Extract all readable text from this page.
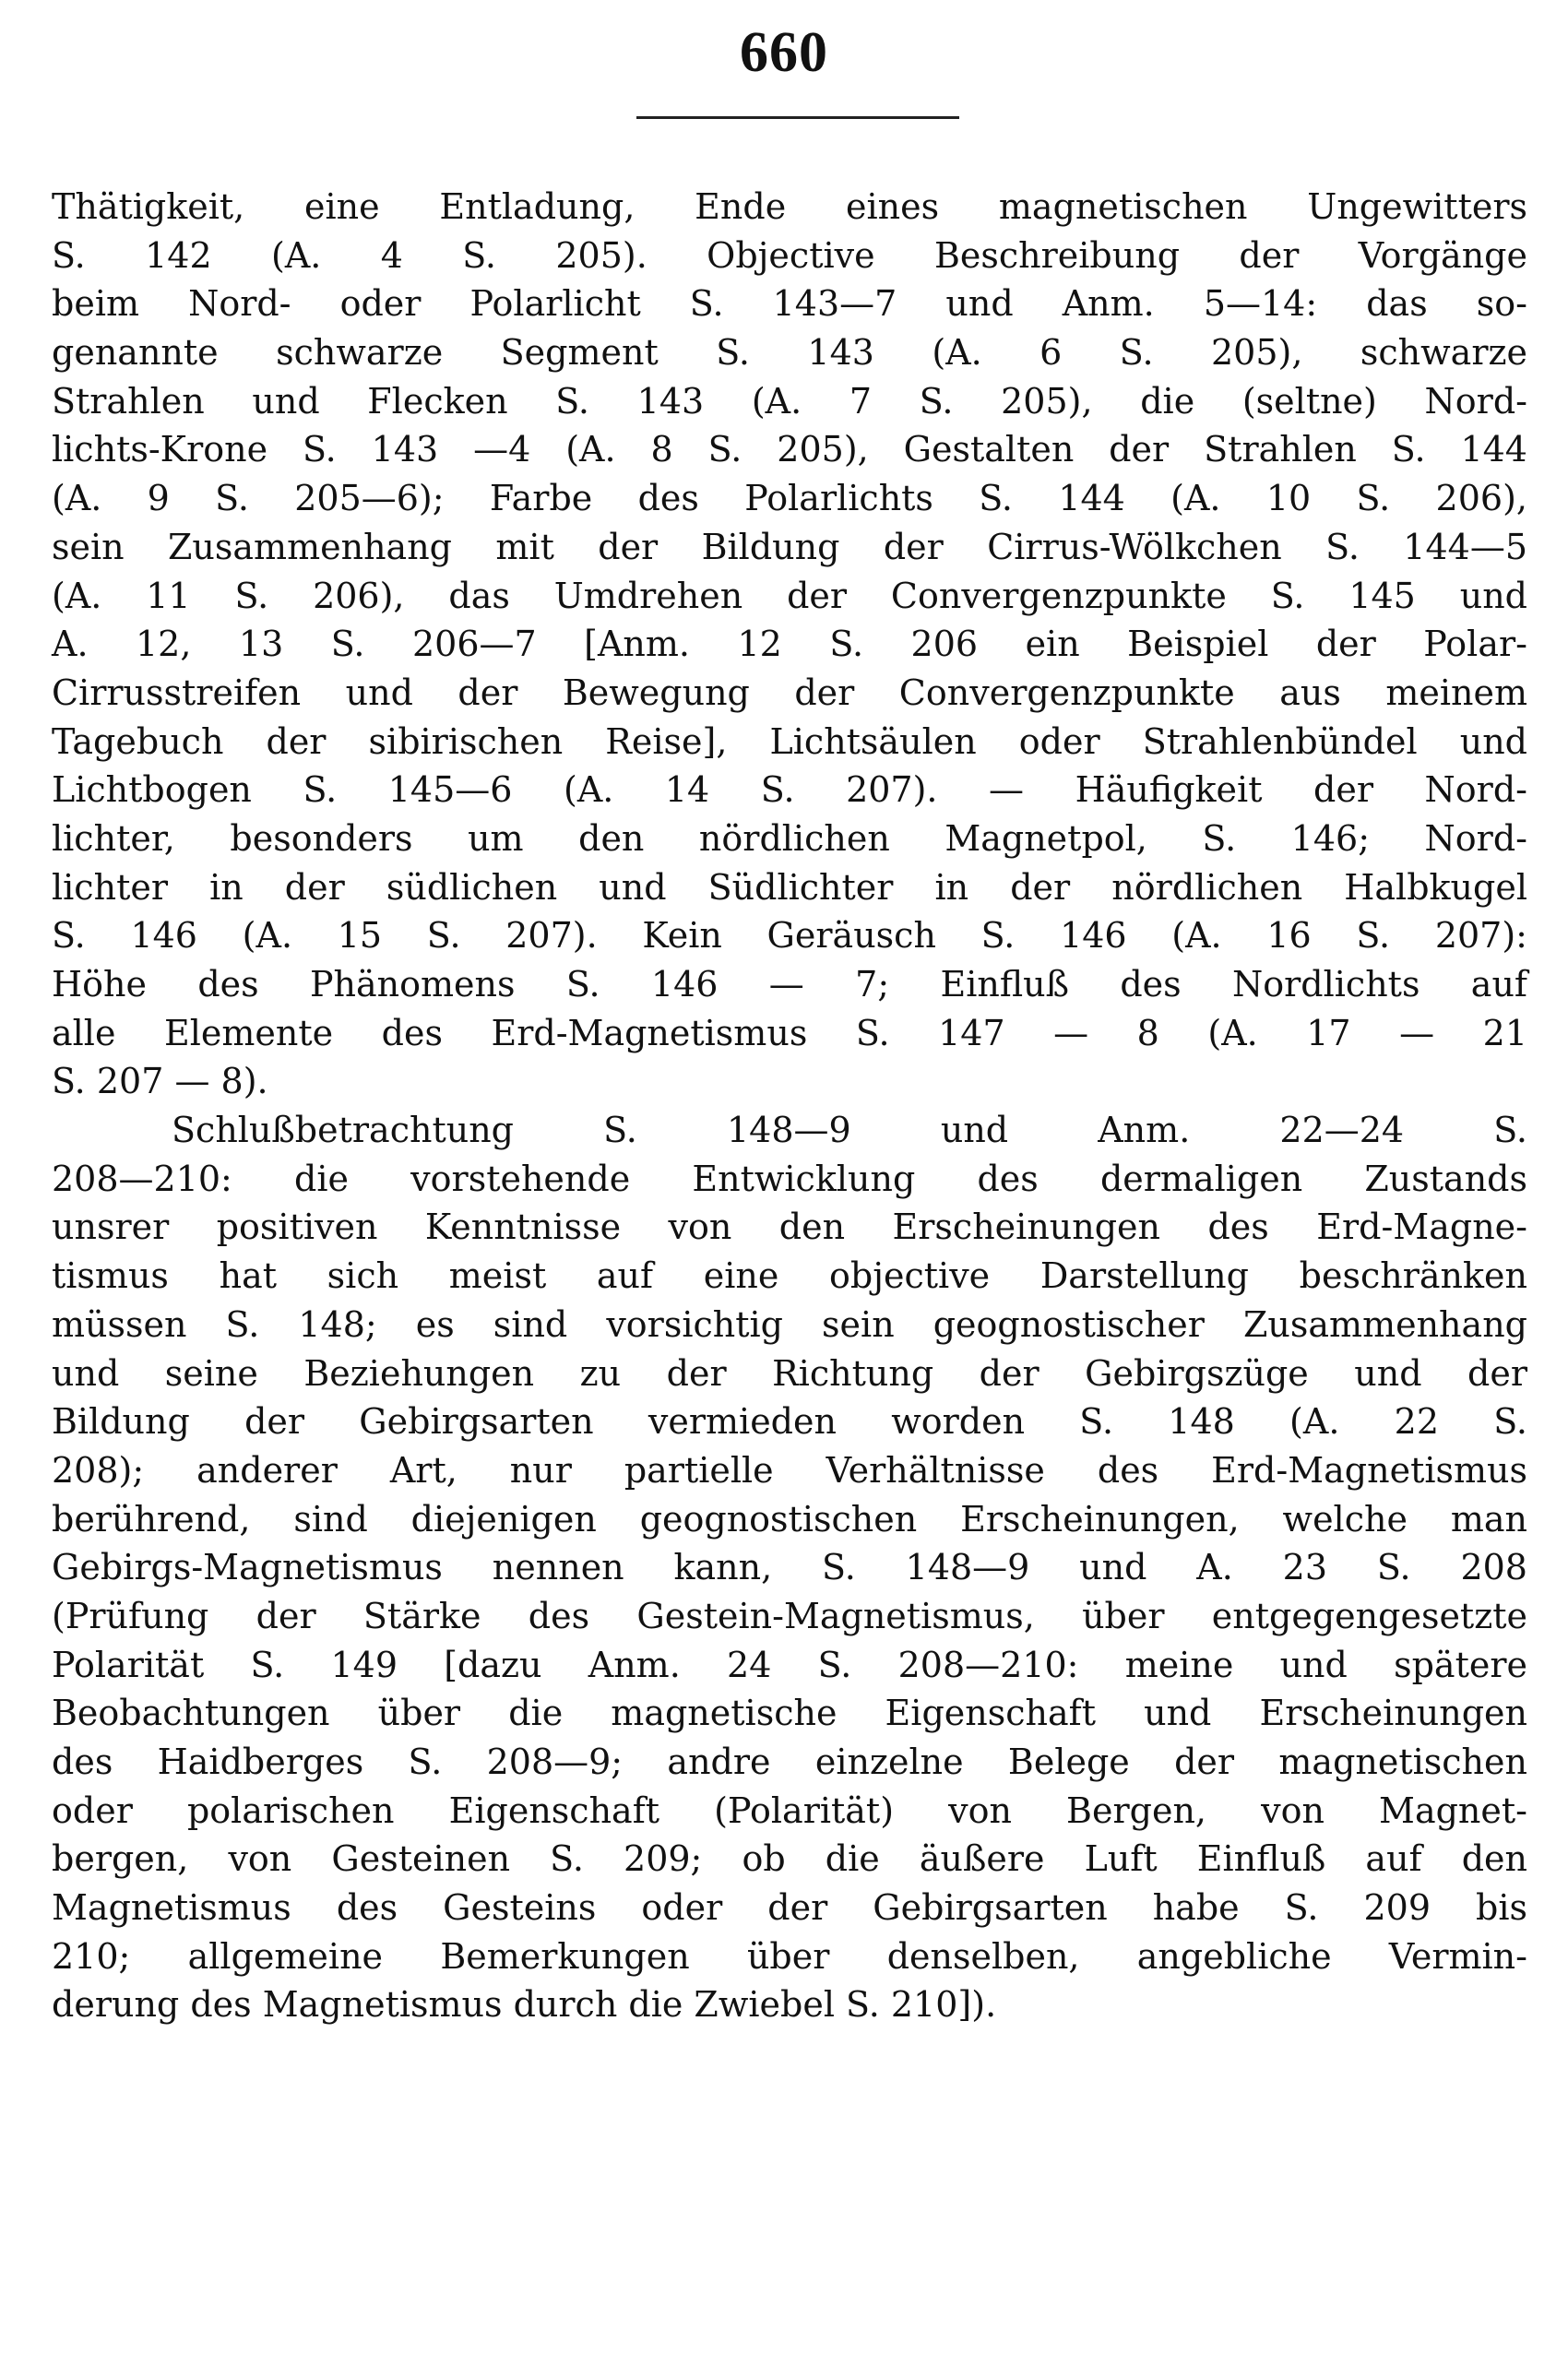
660
Thätigkeit, eine Entladung, Ende eines magnetischen Ungewitters
S. 142 (A. 4 S. 205). Objective Beschreibung der Vorgänge
beim Nord- oder Polarlicht S. 143—7 und Anm. 5—14: das so-
genannte schwarze Segment S. 143 (A. 6 S. 205), schwarze
Strahlen und Flecken S. 143 (A. 7 S. 205), die (seltne) Nord-
lichts-Krone S. 143 —4 (A. 8 S. 205), Gestalten der Strahlen S. 144
(A. 9 S. 205—6); Farbe des Polarlichts S. 144 (A. 10 S. 206),
sein Zusammenhang mit der Bildung der Cirrus-Wölkchen S. 144—5
(A. 11 S. 206), das Umdrehen der Convergenzpunkte S. 145 und
A. 12, 13 S. 206—7 [Anm. 12 S. 206 ein Beispiel der Polar-
Cirrusstreifen und der Bewegung der Convergenzpunkte aus meinem
Tagebuch der sibirischen Reise], Lichtsäulen oder Strahlenbündel und
Lichtbogen S. 145—6 (A. 14 S. 207). — Häufigkeit der Nord-
lichter, besonders um den nördlichen Magnetpol, S. 146; Nord-
lichter in der südlichen und Südlichter in der nördlichen Halbkugel
S. 146 (A. 15 S. 207). Kein Geräusch S. 146 (A. 16 S. 207):
Höhe des Phänomens S. 146 — 7; Einfluß des Nordlichts auf
alle Elemente des Erd-Magnetismus S. 147 — 8 (A. 17 — 21
S. 207 — 8).
Schlußbetrachtung S. 148—9 und Anm. 22—24 S.
208—210: die vorstehende Entwicklung des dermaligen Zustands
unsrer positiven Kenntnisse von den Erscheinungen des Erd-Magne-
tismus hat sich meist auf eine objective Darstellung beschränken
müssen S. 148; es sind vorsichtig sein geognostischer Zusammenhang
und seine Beziehungen zu der Richtung der Gebirgszüge und der
Bildung der Gebirgsarten vermieden worden S. 148 (A. 22 S.
208); anderer Art, nur partielle Verhältnisse des Erd-Magnetismus
berührend, sind diejenigen geognostischen Erscheinungen, welche man
Gebirgs-Magnetismus nennen kann, S. 148—9 und A. 23 S. 208
(Prüfung der Stärke des Gestein-Magnetismus, über entgegengesetzte
Polarität S. 149 [dazu Anm. 24 S. 208—210: meine und spätere
Beobachtungen über die magnetische Eigenschaft und Erscheinungen
des Haidberges S. 208—9; andre einzelne Belege der magnetischen
oder polarischen Eigenschaft (Polarität) von Bergen, von Magnet-
bergen, von Gesteinen S. 209; ob die äußere Luft Einfluß auf den
Magnetismus des Gesteins oder der Gebirgsarten habe S. 209 bis
210; allgemeine Bemerkungen über denselben, angebliche Vermin-
derung des Magnetismus durch die Zwiebel S. 210]).
